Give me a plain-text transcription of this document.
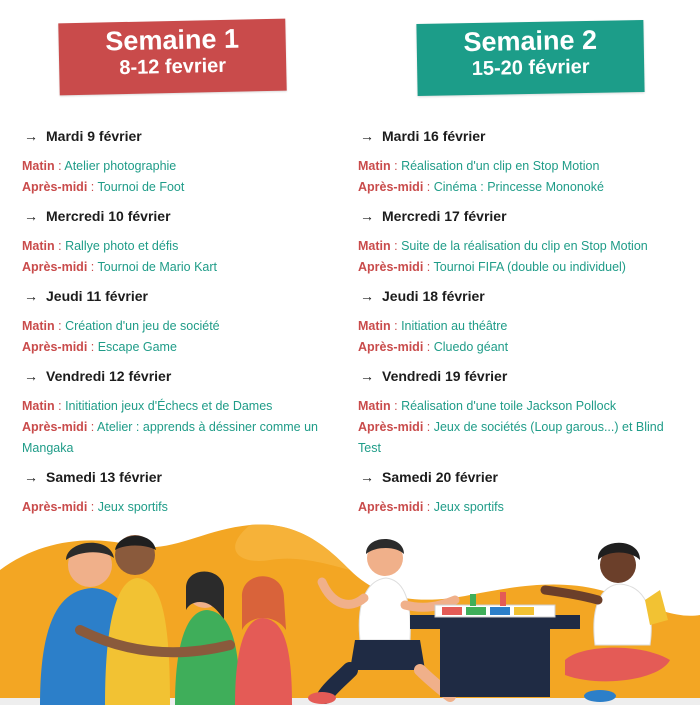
Semaine 1
8-12 fevrier
Semaine 2
15-20 février
→ Mardi 9 février
Matin : Atelier photographie
Après-midi : Tournoi de Foot
→ Mercredi 10 février
Matin : Rallye photo et défis
Après-midi : Tournoi de Mario Kart
→ Jeudi 11 février
Matin : Création d'un jeu de société
Après-midi : Escape Game
→ Vendredi 12 février
Matin : Inititiation jeux d'Échecs et de Dames
Après-midi : Atelier : apprends à déssiner comme un Mangaka
→ Samedi 13 février
Après-midi : Jeux sportifs
→ Mardi 16 février
Matin : Réalisation d'un clip en Stop Motion
Après-midi : Cinéma : Princesse Mononoké
→ Mercredi 17 février
Matin : Suite de la réalisation du clip en Stop Motion
Après-midi : Tournoi FIFA (double ou individuel)
→ Jeudi 18 février
Matin : Initiation au théâtre
Après-midi : Cluedo géant
→ Vendredi 19 février
Matin : Réalisation d'une toile Jackson Pollock
Après-midi : Jeux de sociétés (Loup garous...) et Blind Test
→ Samedi 20 février
Après-midi : Jeux sportifs
